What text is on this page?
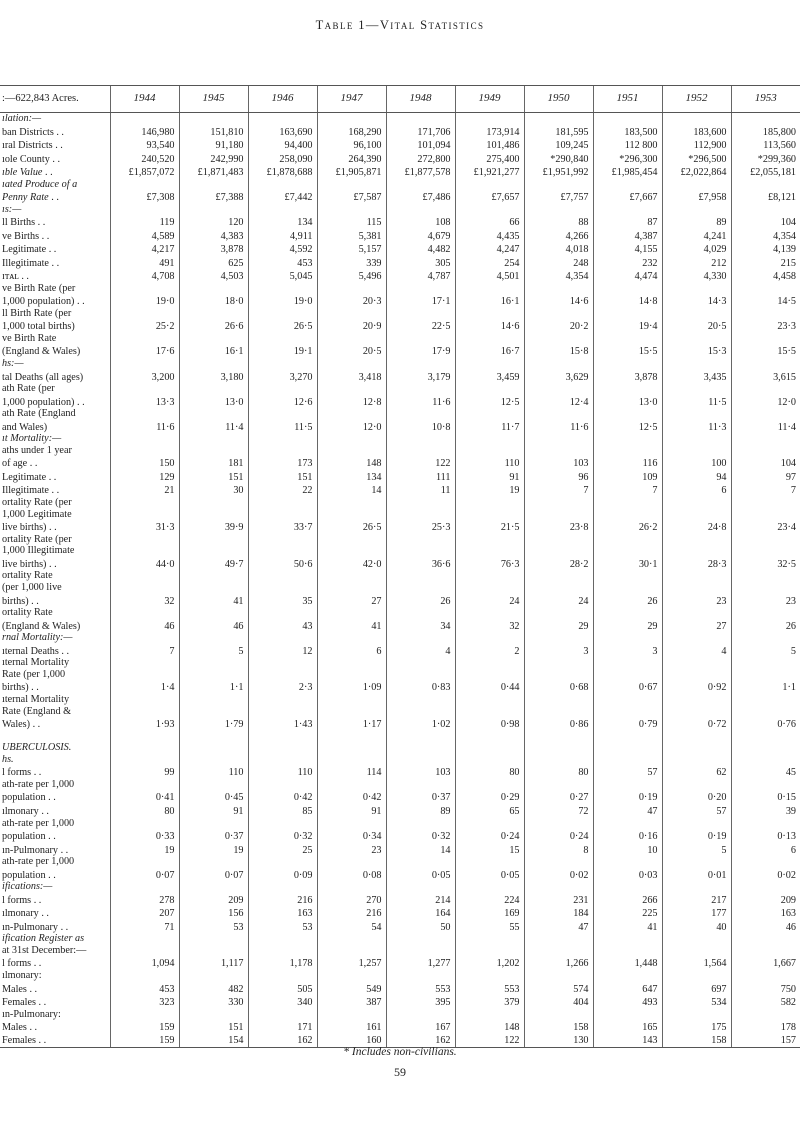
Table 1—Vital Statistics
:—622,843 Acres.	1944	1945	1946	1947	1948	1949	1950	1951	1952	1953
ılation:—										
ban Districts . .	146,980	151,810	163,690	168,290	171,706	173,914	181,595	183,500	183,600	185,800
ıral Districts . .	93,540	91,180	94,400	96,100	101,094	101,486	109,245	112 800	112,900	113,560
ıole County . .	240,520	242,990	258,090	264,390	272,800	275,400	*290,840	*296,300	*296,500	*299,360
ıble Value . .	£1,857,072	£1,871,483	£1,878,688	£1,905,871	£1,877,578	£1,921,277	£1,951,992	£1,985,454	£2,022,864	£2,055,181
ıated Produce of a										
Penny Rate . .	£7,308	£7,388	£7,442	£7,587	£7,486	£7,657	£7,757	£7,667	£7,958	£8,121
ıs:—										
ll Births . .	119	120	134	115	108	66	88	87	89	104
ve Births . .	4,589	4,383	4,911	5,381	4,679	4,435	4,266	4,387	4,241	4,354
Legitimate . .	4,217	3,878	4,592	5,157	4,482	4,247	4,018	4,155	4,029	4,139
Illegitimate . .	491	625	453	339	305	254	248	232	212	215
ɪᴛᴀʟ . .	4,708	4,503	5,045	5,496	4,787	4,501	4,354	4,474	4,330	4,458
ve Birth Rate (per										
1,000 population) . .	19·0	18·0	19·0	20·3	17·1	16·1	14·6	14·8	14·3	14·5
ll Birth Rate (per										
1,000 total births)	25·2	26·6	26·5	20·9	22·5	14·6	20·2	19·4	20·5	23·3
ve Birth Rate										
(England & Wales)	17·6	16·1	19·1	20·5	17·9	16·7	15·8	15·5	15·3	15·5
hs:—										
tal Deaths (all ages)	3,200	3,180	3,270	3,418	3,179	3,459	3,629	3,878	3,435	3,615
ath Rate (per										
1,000 population) . .	13·3	13·0	12·6	12·8	11·6	12·5	12·4	13·0	11·5	12·0
ath Rate (England										
and Wales)	11·6	11·4	11·5	12·0	10·8	11·7	11·6	12·5	11·3	11·4
ıt Mortality:—										
aths under 1 year										
of age . .	150	181	173	148	122	110	103	116	100	104
Legitimate . .	129	151	151	134	111	91	96	109	94	97
Illegitimate . .	21	30	22	14	11	19	7	7	6	7
ortality Rate (per										
1,000 Legitimate										
live births) . .	31·3	39·9	33·7	26·5	25·3	21·5	23·8	26·2	24·8	23·4
ortality Rate (per										
1,000 Illegitimate										
live births) . .	44·0	49·7	50·6	42·0	36·6	76·3	28·2	30·1	28·3	32·5
ortality Rate										
(per 1,000 live										
births) . .	32	41	35	27	26	24	24	26	23	23
ortality Rate										
(England & Wales)	46	46	43	41	34	32	29	29	27	26
rnal Mortality:—										
ıternal Deaths . .	7	5	12	6	4	2	3	3	4	5
ıternal Mortality										
Rate (per 1,000										
births) . .	1·4	1·1	2·3	1·09	0·83	0·44	0·68	0·67	0·92	1·1
ıternal Mortality										
Rate (England &										
Wales) . .	1·93	1·79	1·43	1·17	1·02	0·98	0·86	0·79	0·72	0·76

UBERCULOSIS.										
hs.										
l forms . .	99	110	110	114	103	80	80	57	62	45
ath-rate per 1,000										
population . .	0·41	0·45	0·42	0·42	0·37	0·29	0·27	0·19	0·20	0·15
ılmonary . .	80	91	85	91	89	65	72	47	57	39
ath-rate per 1,000										
population . .	0·33	0·37	0·32	0·34	0·32	0·24	0·24	0·16	0·19	0·13
ın-Pulmonary . .	19	19	25	23	14	15	8	10	5	6
ath-rate per 1,000										
population . .	0·07	0·07	0·09	0·08	0·05	0·05	0·02	0·03	0·01	0·02
ifications:—										
l forms . .	278	209	216	270	214	224	231	266	217	209
ılmonary . .	207	156	163	216	164	169	184	225	177	163
ın-Pulmonary . .	71	53	53	54	50	55	47	41	40	46
ification Register as										
at 31st December:—										
l forms . .	1,094	1,117	1,178	1,257	1,277	1,202	1,266	1,448	1,564	1,667
ılmonary:										
Males . .	453	482	505	549	553	553	574	647	697	750
Females . .	323	330	340	387	395	379	404	493	534	582
ın-Pulmonary:										
Males . .	159	151	171	161	167	148	158	165	175	178
Females . .	159	154	162	160	162	122	130	143	158	157
* Includes non-civilians.
59
